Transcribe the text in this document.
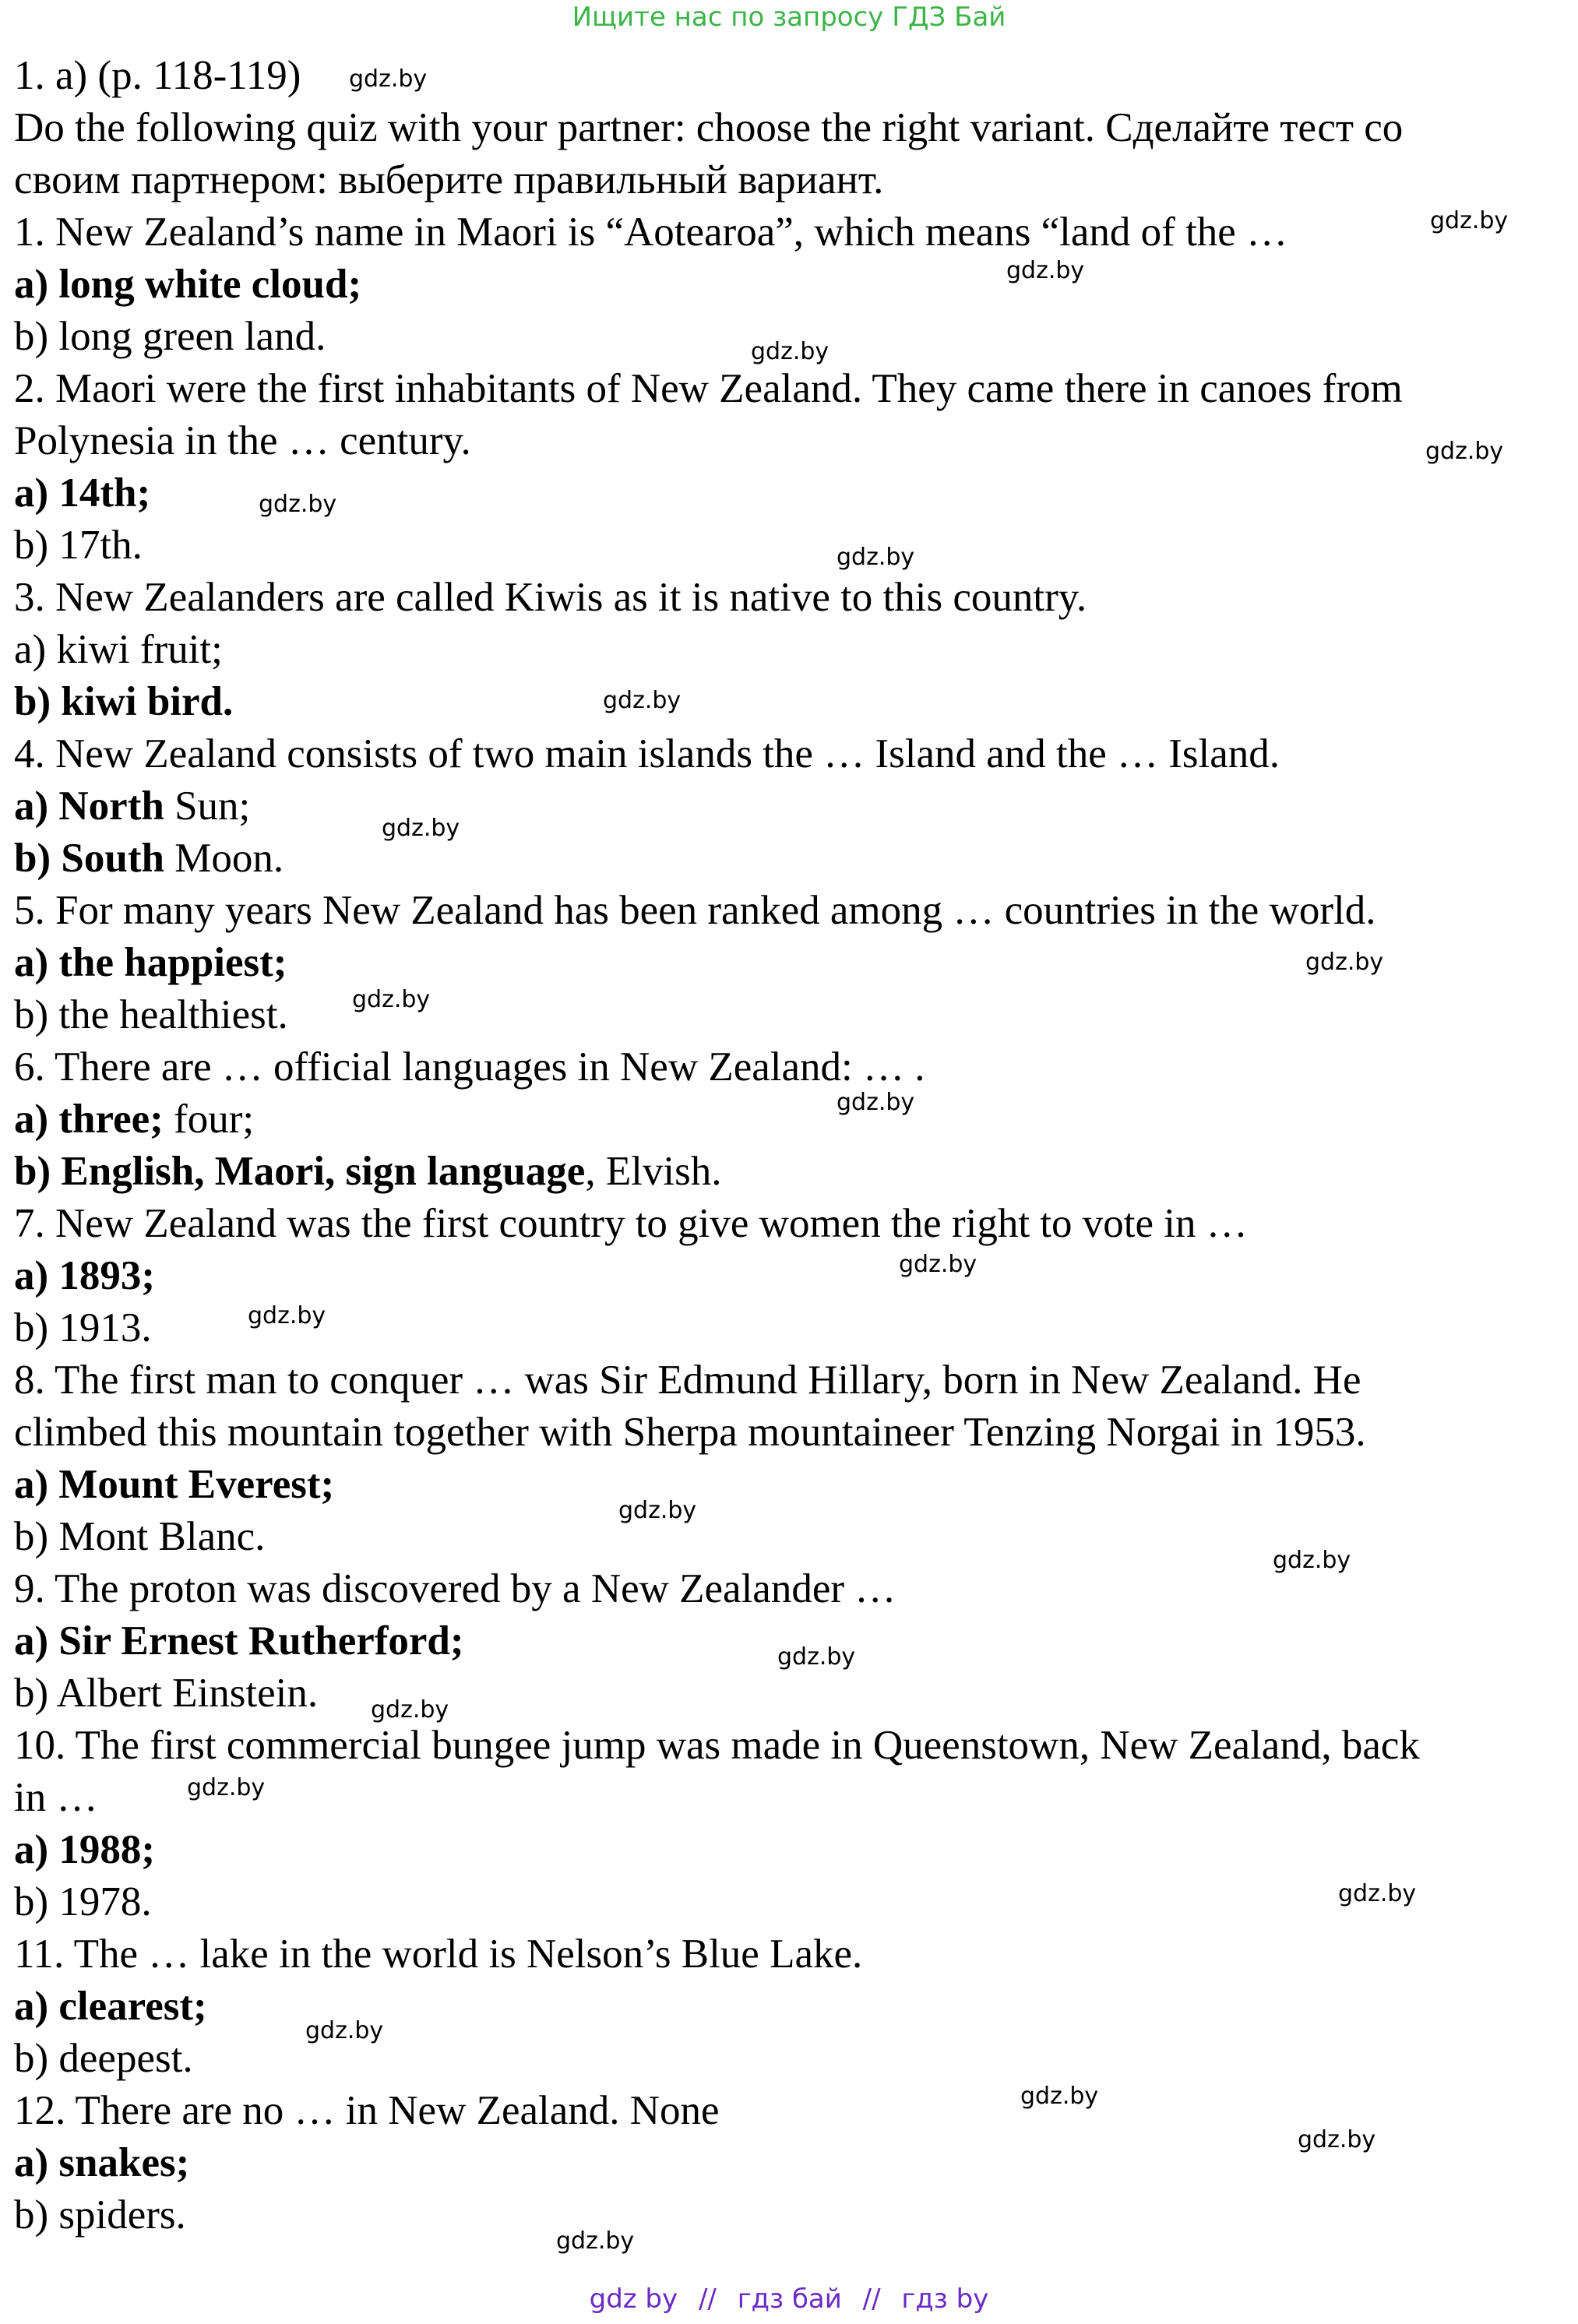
Ищите нас по запросу ГДЗ Бай
1. a) (p. 118-119)
Do the following quiz with your partner: choose the right variant. Сделайте тест со
своим партнером: выберите правильный вариант.
1. New Zealand’s name in Maori is “Aotearoa”, which means “land of the …
a) long white cloud;
b) long green land.
2. Maori were the first inhabitants of New Zealand. They came there in canoes from
Polynesia in the … century.
a) 14th;
b) 17th.
3. New Zealanders are called Kiwis as it is native to this country.
a) kiwi fruit;
b) kiwi bird.
4. New Zealand consists of two main islands the … Island and the … Island.
a) North Sun;
b) South Moon.
5. For many years New Zealand has been ranked among … countries in the world.
a) the happiest;
b) the healthiest.
6. There are … official languages in New Zealand: … .
a) three; four;
b) English, Maori, sign language, Elvish.
7. New Zealand was the first country to give women the right to vote in …
a) 1893;
b) 1913.
8. The first man to conquer … was Sir Edmund Hillary, born in New Zealand. He
climbed this mountain together with Sherpa mountaineer Tenzing Norgai in 1953.
a) Mount Everest;
b) Mont Blanc.
9. The proton was discovered by a New Zealander …
a) Sir Ernest Rutherford;
b) Albert Einstein.
10. The first commercial bungee jump was made in Queenstown, New Zealand, back
in …
a) 1988;
b) 1978.
11. The … lake in the world is Nelson’s Blue Lake.
a) clearest;
b) deepest.
12. There are no … in New Zealand. None
a) snakes;
b) spiders.
gdz.by
gdz.by
gdz.by
gdz.by
gdz.by
gdz.by
gdz.by
gdz.by
gdz.by
gdz.by
gdz.by
gdz.by
gdz.by
gdz.by
gdz.by
gdz.by
gdz.by
gdz.by
gdz.by
gdz.by
gdz.by
gdz.by
gdz.by
gdz.by
gdz by // гдз бай // гдз by
